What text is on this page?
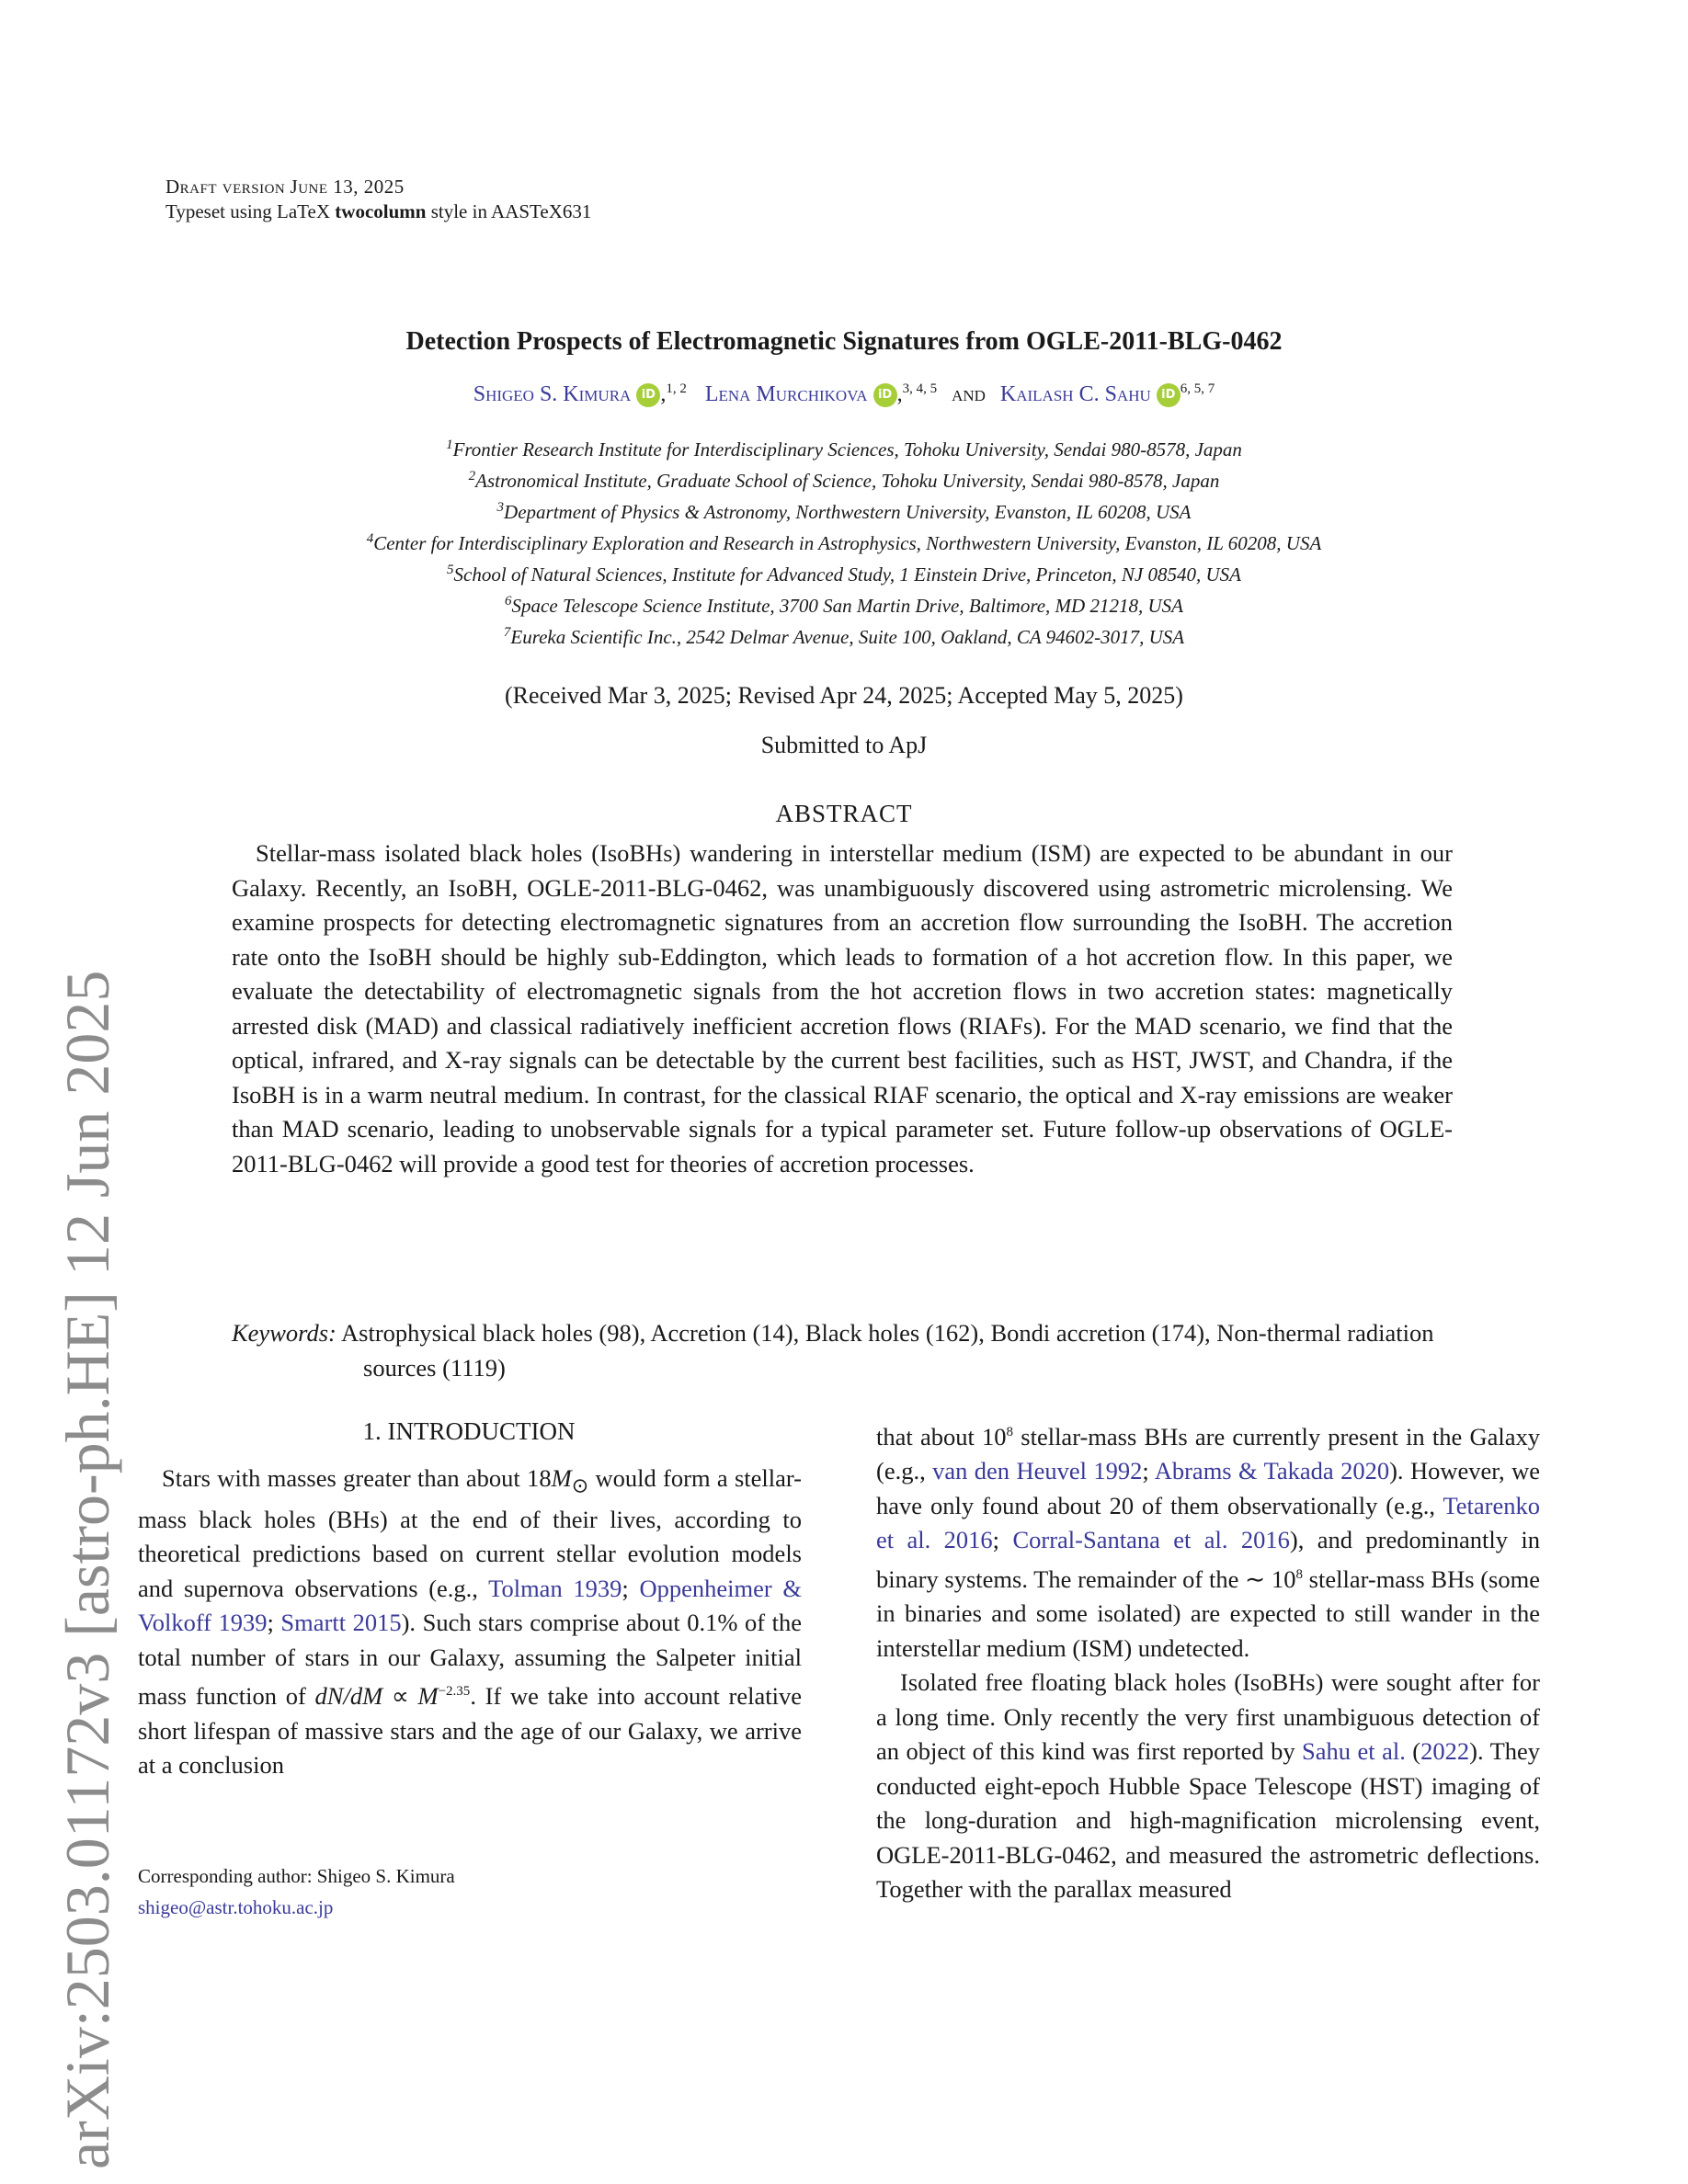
Draft version June 13, 2025
Typeset using LaTeX twocolumn style in AASTeX631
arXiv:2503.01172v3 [astro-ph.HE] 12 Jun 2025
Detection Prospects of Electromagnetic Signatures from OGLE-2011-BLG-0462
Shigeo S. Kimura iD ,$^{1, 2}$ Lena Murchikova iD ,$^{3, 4, 5}$ and Kailash C. Sahu iD $^{6, 5, 7}$
$^1$Frontier Research Institute for Interdisciplinary Sciences, Tohoku University, Sendai 980-8578, Japan
$^2$Astronomical Institute, Graduate School of Science, Tohoku University, Sendai 980-8578, Japan
$^3$Department of Physics & Astronomy, Northwestern University, Evanston, IL 60208, USA
$^4$Center for Interdisciplinary Exploration and Research in Astrophysics, Northwestern University, Evanston, IL 60208, USA
$^5$School of Natural Sciences, Institute for Advanced Study, 1 Einstein Drive, Princeton, NJ 08540, USA
$^6$Space Telescope Science Institute, 3700 San Martin Drive, Baltimore, MD 21218, USA
$^7$Eureka Scientific Inc., 2542 Delmar Avenue, Suite 100, Oakland, CA 94602-3017, USA
(Received Mar 3, 2025; Revised Apr 24, 2025; Accepted May 5, 2025)
Submitted to ApJ
ABSTRACT
Stellar-mass isolated black holes (IsoBHs) wandering in interstellar medium (ISM) are expected to be abundant in our Galaxy. Recently, an IsoBH, OGLE-2011-BLG-0462, was unambiguously discovered using astrometric microlensing. We examine prospects for detecting electromagnetic signatures from an accretion flow surrounding the IsoBH. The accretion rate onto the IsoBH should be highly sub-Eddington, which leads to formation of a hot accretion flow. In this paper, we evaluate the detectability of electromagnetic signals from the hot accretion flows in two accretion states: magnetically arrested disk (MAD) and classical radiatively inefficient accretion flows (RIAFs). For the MAD scenario, we find that the optical, infrared, and X-ray signals can be detectable by the current best facilities, such as HST, JWST, and Chandra, if the IsoBH is in a warm neutral medium. In contrast, for the classical RIAF scenario, the optical and X-ray emissions are weaker than MAD scenario, leading to unobservable signals for a typical parameter set. Future follow-up observations of OGLE-2011-BLG-0462 will provide a good test for theories of accretion processes.
Keywords: Astrophysical black holes (98), Accretion (14), Black holes (162), Bondi accretion (174), Non-thermal radiation sources (1119)
1. INTRODUCTION
Stars with masses greater than about $18M_⊙$ would form a stellar-mass black holes (BHs) at the end of their lives, according to theoretical predictions based on current stellar evolution models and supernova observations (e.g., Tolman 1939; Oppenheimer & Volkoff 1939; Smartt 2015). Such stars comprise about 0.1% of the total number of stars in our Galaxy, assuming the Salpeter initial mass function of $dN/dM \propto M^{-2.35}$. If we take into account relative short lifespan of massive stars and the age of our Galaxy, we arrive at a conclusion

that about $10^8$ stellar-mass BHs are currently present in the Galaxy (e.g., van den Heuvel 1992; Abrams & Takada 2020). However, we have only found about 20 of them observationally (e.g., Tetarenko et al. 2016; Corral-Santana et al. 2016), and predominantly in binary systems. The remainder of the ∼ $10^8$ stellar-mass BHs (some in binaries and some isolated) are expected to still wander in the interstellar medium (ISM) undetected.

Isolated free floating black holes (IsoBHs) were sought after for a long time. Only recently the very first unambiguous detection of an object of this kind was first reported by Sahu et al. (2022). They conducted eight-epoch Hubble Space Telescope (HST) imaging of the long-duration and high-magnification microlensing event, OGLE-2011-BLG-0462, and measured the astrometric deflections. Together with the parallax measured

Corresponding author: Shigeo S. Kimura
shigeo@astr.tohoku.ac.jp
